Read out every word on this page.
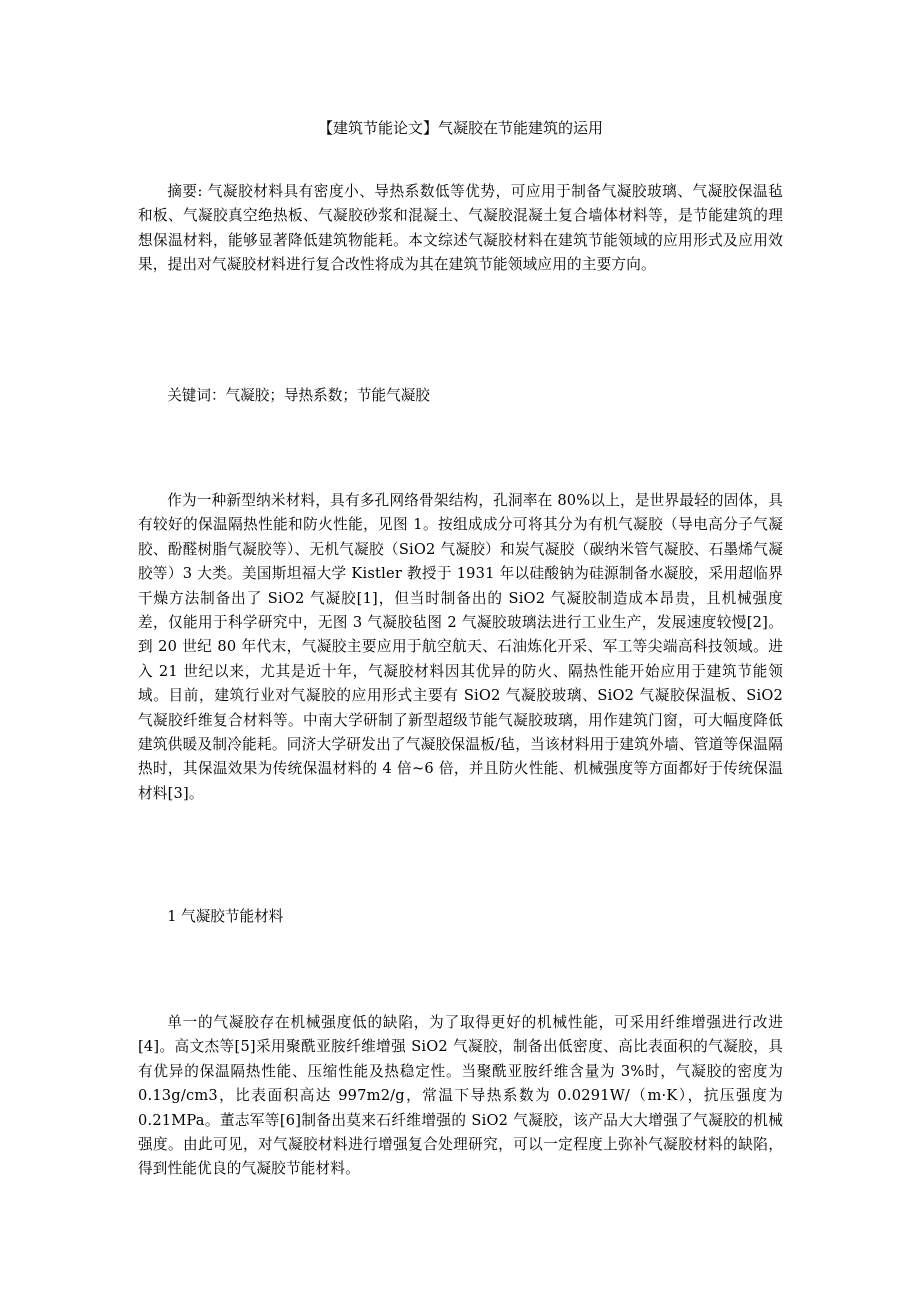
【建筑节能论文】气凝胶在节能建筑的运用

摘要: 气凝胶材料具有密度小、导热系数低等优势，可应用于制备气凝胶玻璃、气凝胶保温毡和板、气凝胶真空绝热板、气凝胶砂浆和混凝土、气凝胶混凝土复合墙体材料等，是节能建筑的理想保温材料，能够显著降低建筑物能耗。本文综述气凝胶材料在建筑节能领域的应用形式及应用效果，提出对气凝胶材料进行复合改性将成为其在建筑节能领域应用的主要方向。

关键词：气凝胶；导热系数；节能气凝胶

作为一种新型纳米材料，具有多孔网络骨架结构，孔洞率在 80%以上，是世界最轻的固体，具有较好的保温隔热性能和防火性能，见图 1。按组成成分可将其分为有机气凝胶（导电高分子气凝胶、酚醛树脂气凝胶等）、无机气凝胶（SiO2 气凝胶）和炭气凝胶（碳纳米管气凝胶、石墨烯气凝胶等）3 大类。美国斯坦福大学 Kistler 教授于 1931 年以硅酸钠为硅源制备水凝胶，采用超临界干燥方法制备出了 SiO2 气凝胶[1]，但当时制备出的 SiO2 气凝胶制造成本昂贵，且机械强度差，仅能用于科学研究中，无图 3 气凝胶毡图 2 气凝胶玻璃法进行工业生产，发展速度较慢[2]。到 20 世纪 80 年代末，气凝胶主要应用于航空航天、石油炼化开采、军工等尖端高科技领域。进入 21 世纪以来，尤其是近十年，气凝胶材料因其优异的防火、隔热性能开始应用于建筑节能领域。目前，建筑行业对气凝胶的应用形式主要有 SiO2 气凝胶玻璃、SiO2 气凝胶保温板、SiO2 气凝胶纤维复合材料等。中南大学研制了新型超级节能气凝胶玻璃，用作建筑门窗，可大幅度降低建筑供暖及制冷能耗。同济大学研发出了气凝胶保温板/毡，当该材料用于建筑外墙、管道等保温隔热时，其保温效果为传统保温材料的 4 倍~6 倍，并且防火性能、机械强度等方面都好于传统保温材料[3]。

1 气凝胶节能材料

单一的气凝胶存在机械强度低的缺陷，为了取得更好的机械性能，可采用纤维增强进行改进[4]。高文杰等[5]采用聚酰亚胺纤维增强 SiO2 气凝胶，制备出低密度、高比表面积的气凝胶，具有优异的保温隔热性能、压缩性能及热稳定性。当聚酰亚胺纤维含量为 3%时，气凝胶的密度为 0.13g/cm3，比表面积高达 997m2/g，常温下导热系数为 0.0291W/（m·K），抗压强度为 0.21MPa。董志军等[6]制备出莫来石纤维增强的 SiO2 气凝胶，该产品大大增强了气凝胶的机械强度。由此可见，对气凝胶材料进行增强复合处理研究，可以一定程度上弥补气凝胶材料的缺陷，得到性能优良的气凝胶节能材料。
